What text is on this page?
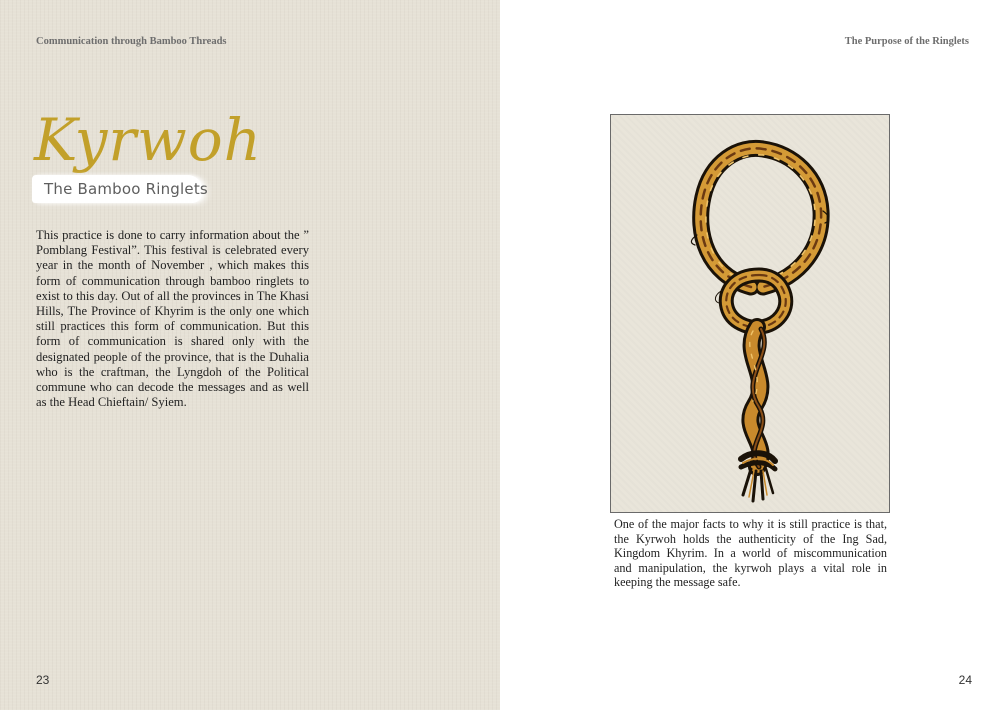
Communication through Bamboo Threads
Kyrwoh
The Bamboo Ringlets

This practice is done to carry information about the ” Pomblang Festival”. This festival is celebrated every year in the month of November , which makes this form of communication through bamboo ringlets to exist to this day. Out of all the provinces in The Khasi Hills, The Province of Khyrim is the only one which still practices this form of communication. But this form of communication is shared only with the designated people of the province, that is the Duhalia who is the craftman, the Lyngdoh of the Political commune who can decode the messages and as well as the Head Chieftain/ Syiem.

23
The Purpose of the Ringlets

One of the major facts to why it is still practice is that, the Kyrwoh holds the authenticity of the Ing Sad, Kingdom Khyrim. In a world of miscommunication and manipulation, the kyrwoh plays a vital role in keeping the message safe.

24
